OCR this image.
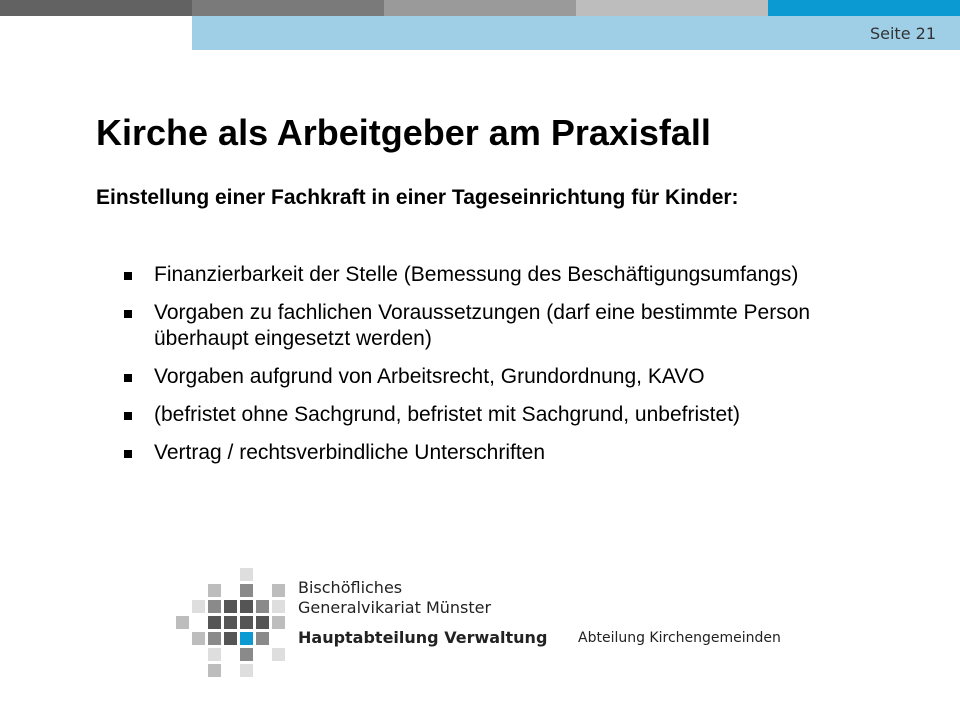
Seite 21
Kirche als Arbeitgeber am Praxisfall

Einstellung einer Fachkraft in einer Tageseinrichtung für Kinder:

Finanzierbarkeit der Stelle (Bemessung des Beschäftigungsumfangs)
Vorgaben zu fachlichen Voraussetzungen (darf eine bestimmte Person überhaupt eingesetzt werden)
Vorgaben aufgrund von Arbeitsrecht, Grundordnung, KAVO
(befristet ohne Sachgrund, befristet mit Sachgrund, unbefristet)
Vertrag / rechtsverbindliche Unterschriften
Bischöfliches
Generalvikariat Münster
Hauptabteilung Verwaltung Abteilung Kirchengemeinden
